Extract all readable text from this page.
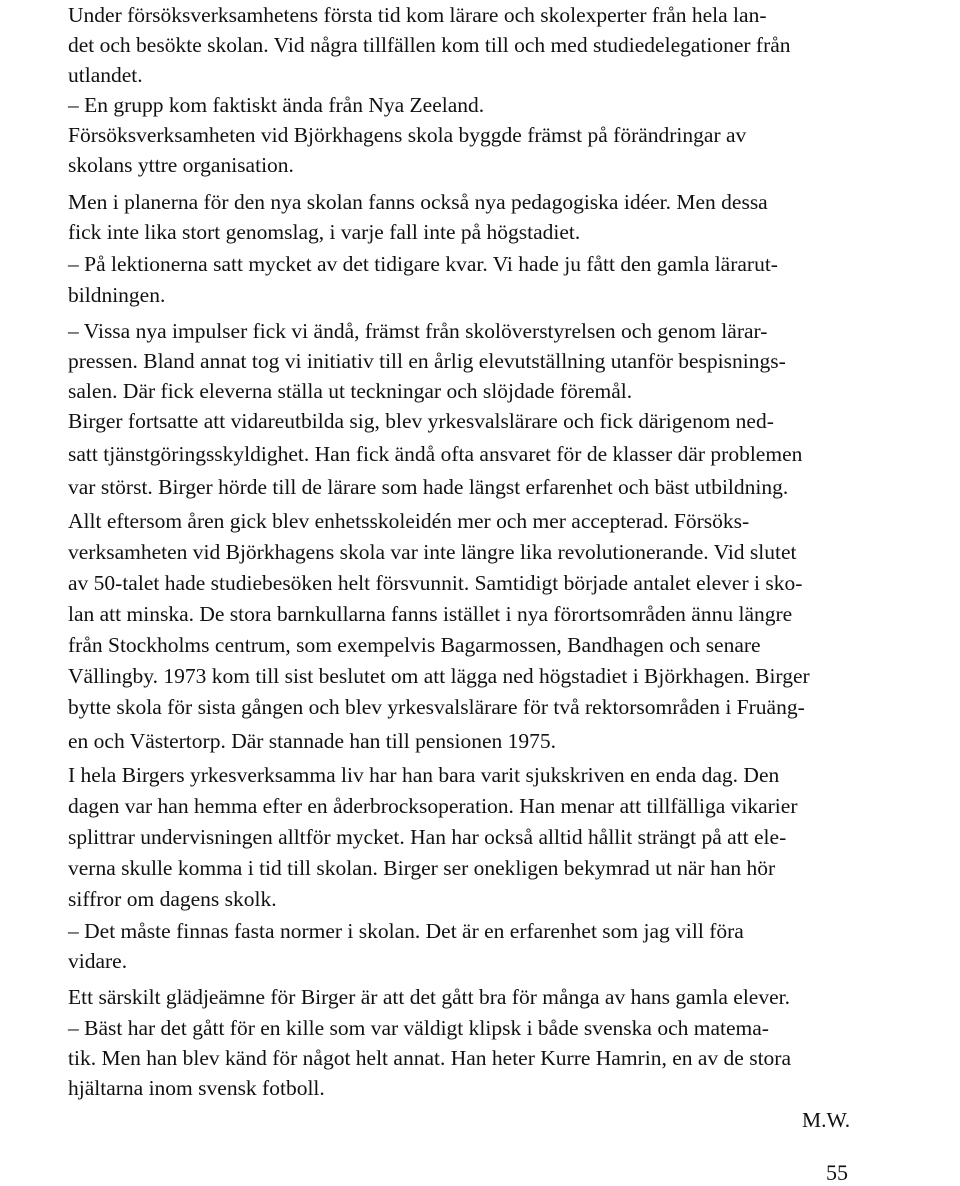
Under försöksverksamhetens första tid kom lärare och skolexperter från hela lan-
det och besökte skolan. Vid några tillfällen kom till och med studiedelegationer från
utlandet.
– En grupp kom faktiskt ända från Nya Zeeland.
Försöksverksamheten vid Björkhagens skola byggde främst på förändringar av
skolans yttre organisation.
Men i planerna för den nya skolan fanns också nya pedagogiska idéer. Men dessa
fick inte lika stort genomslag, i varje fall inte på högstadiet.
– På lektionerna satt mycket av det tidigare kvar. Vi hade ju fått den gamla lärarut-
bildningen.
– Vissa nya impulser fick vi ändå, främst från skolöverstyrelsen och genom lärar-
pressen. Bland annat tog vi initiativ till en årlig elevutställning utanför bespisnings-
salen. Där fick eleverna ställa ut teckningar och slöjdade föremål.
Birger fortsatte att vidareutbilda sig, blev yrkesvalslärare och fick därigenom ned-
satt tjänstgöringsskyldighet. Han fick ändå ofta ansvaret för de klasser där problemen
var störst. Birger hörde till de lärare som hade längst erfarenhet och bäst utbildning.
Allt eftersom åren gick blev enhetsskoleidén mer och mer accepterad. Försöks-
verksamheten vid Björkhagens skola var inte längre lika revolutionerande. Vid slutet
av 50-talet hade studiebesöken helt försvunnit. Samtidigt började antalet elever i sko-
lan att minska. De stora barnkullarna fanns istället i nya förortsområden ännu längre
från Stockholms centrum, som exempelvis Bagarmossen, Bandhagen och senare
Vällingby. 1973 kom till sist beslutet om att lägga ned högstadiet i Björkhagen. Birger
bytte skola för sista gången och blev yrkesvalslärare för två rektorsområden i Fruäng-
en och Västertorp. Där stannade han till pensionen 1975.
I hela Birgers yrkesverksamma liv har han bara varit sjukskriven en enda dag. Den
dagen var han hemma efter en åderbrocksoperation. Han menar att tillfälliga vikarier
splittrar undervisningen alltför mycket. Han har också alltid hållit strängt på att ele-
verna skulle komma i tid till skolan. Birger ser onekligen bekymrad ut när han hör
siffror om dagens skolk.
– Det måste finnas fasta normer i skolan. Det är en erfarenhet som jag vill föra
vidare.
Ett särskilt glädjeämne för Birger är att det gått bra för många av hans gamla elever.
– Bäst har det gått för en kille som var väldigt klipsk i både svenska och matema-
tik. Men han blev känd för något helt annat. Han heter Kurre Hamrin, en av de stora
hjältarna inom svensk fotboll.
M.W.
55
